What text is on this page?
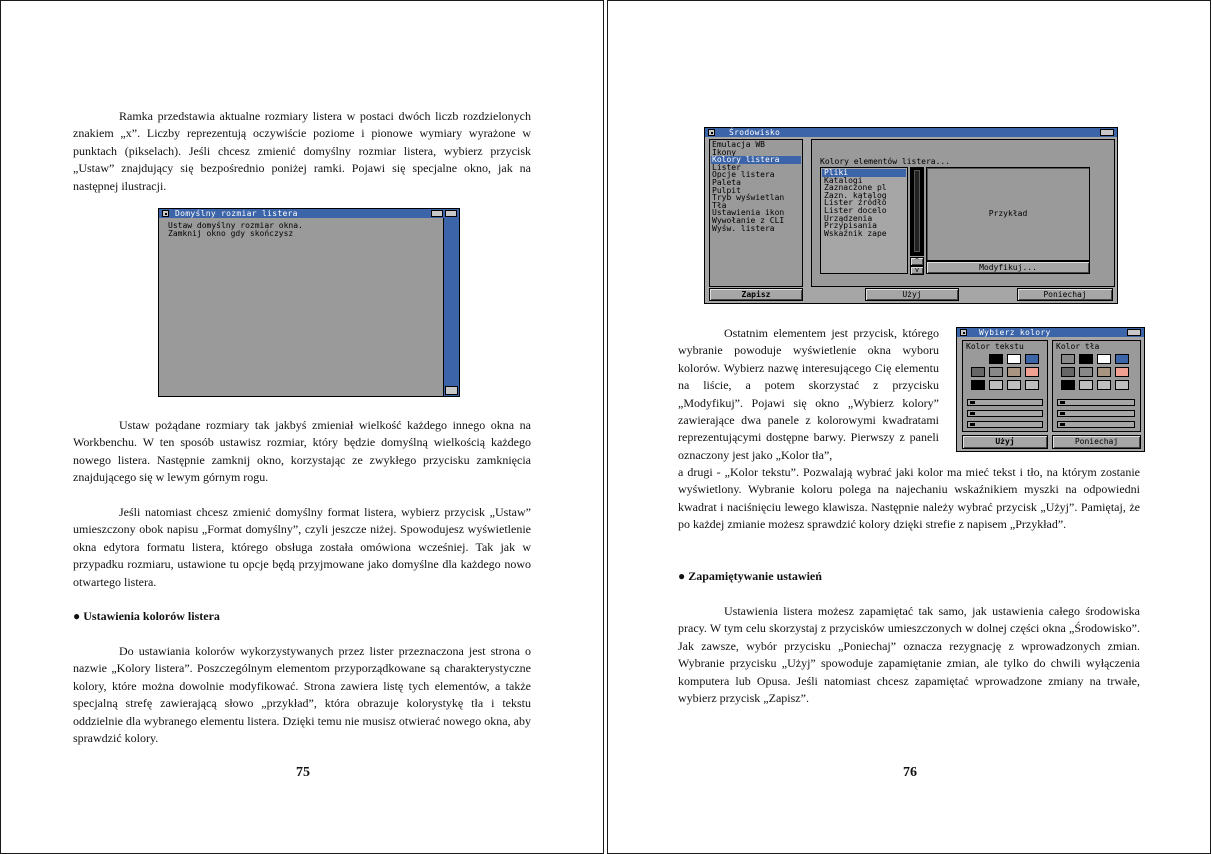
Ramka przedstawia aktualne rozmiary listera w postaci dwóch liczb rozdzielonych znakiem „x”. Liczby reprezentują oczywiście poziome i pionowe wymiary wyrażone w punktach (pikselach). Jeśli chcesz zmienić domyślny rozmiar listera, wybierz przycisk „Ustaw” znajdujący się bezpośrednio poniżej ramki. Pojawi się specjalne okno, jak na następnej ilustracji.

Domyślny rozmiar listera
Ustaw domyślny rozmiar okna.
Zamknij okno gdy skończysz

Ustaw pożądane rozmiary tak jakbyś zmieniał wielkość każdego innego okna na Workbenchu. W ten sposób ustawisz rozmiar, który będzie domyślną wielkością każdego nowego listera. Następnie zamknij okno, korzystając ze zwykłego przycisku zamknięcia znajdującego się w lewym górnym rogu.

Jeśli natomiast chcesz zmienić domyślny format listera, wybierz przycisk „Ustaw” umieszczony obok napisu „Format domyślny”, czyli jeszcze niżej. Spowodujesz wyświetlenie okna edytora formatu listera, którego obsługa została omówiona wcześniej. Tak jak w przypadku rozmiaru, ustawione tu opcje będą przyjmowane jako domyślne dla każdego nowo otwartego listera.

● Ustawienia kolorów listera

Do ustawiania kolorów wykorzystywanych przez lister przeznaczona jest strona o nazwie „Kolory listera”. Poszczególnym elementom przyporządkowane są charakterystyczne kolory, które można dowolnie modyfikować. Strona zawiera listę tych elementów, a także specjalną strefę zawierającą słowo „przykład”, która obrazuje kolorystykę tła i tekstu oddzielnie dla wybranego elementu listera. Dzięki temu nie musisz otwierać nowego okna, aby sprawdzić kolory.

75
Środowisko
Emulacja WB
Ikony
Kolory listera
Lister
Opcje listera
Paleta
Pulpit
Tryb wyświetlan
Tła
Ustawienia ikon
Wywołanie z CLI
Wyśw. listera
Kolory elementów listera...
Pliki
Katalogi
Zaznaczone pl
Zazn. katalog
Lister źródło
Lister docelo
Urządzenia
Przypisania
Wskaźnik zape
^
v
Przykład
Modyfikuj...
Zapisz	Użyj	Poniechaj
Wybierz kolory
Kolor tekstu	Kolor tła
Użyj	Poniechaj

Ostatnim elementem jest przycisk, którego wybranie powoduje wyświetlenie okna wyboru kolorów. Wybierz nazwę interesującego Cię elementu na liście, a potem skorzystać z przycisku „Modyfikuj”. Pojawi się okno „Wybierz kolory” zawierające dwa panele z kolorowymi kwadratami reprezentującymi dostępne barwy. Pierwszy z paneli oznaczony jest jako „Kolor tła”,

a drugi - „Kolor tekstu”. Pozwalają wybrać jaki kolor ma mieć tekst i tło, na którym zostanie wyświetlony. Wybranie koloru polega na najechaniu wskaźnikiem myszki na odpowiedni kwadrat i naciśnięciu lewego klawisza. Następnie należy wybrać przycisk „Użyj”. Pamiętaj, że po każdej zmianie możesz sprawdzić kolory dzięki strefie z napisem „Przykład”.

● Zapamiętywanie ustawień

Ustawienia listera możesz zapamiętać tak samo, jak ustawienia całego środowiska pracy. W tym celu skorzystaj z przycisków umieszczonych w dolnej części okna „Środowisko”. Jak zawsze, wybór przycisku „Poniechaj” oznacza rezygnację z wprowadzonych zmian. Wybranie przycisku „Użyj” spowoduje zapamiętanie zmian, ale tylko do chwili wyłączenia komputera lub Opusa. Jeśli natomiast chcesz zapamiętać wprowadzone zmiany na trwałe, wybierz przycisk „Zapisz”.

76
